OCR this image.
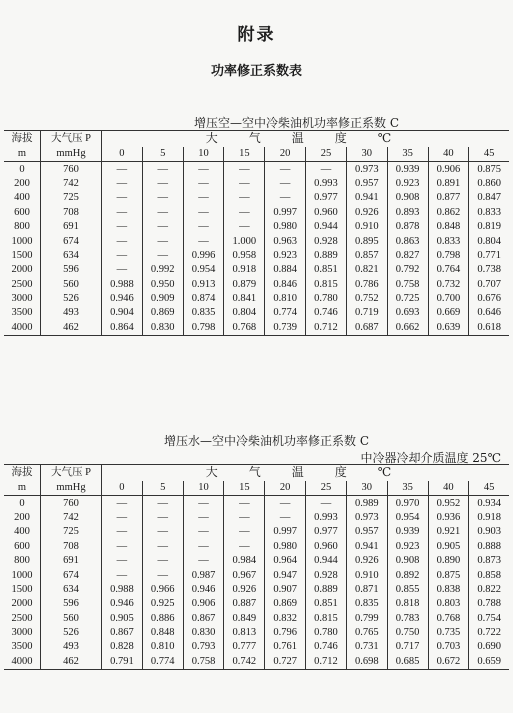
附录
功率修正系数表
增压空—空中冷柴油机功率修正系数 C
海拔	大气压 P	大 气 温 度 ℃									
m	mmHg	0	5	10	15	20	25	30	35	40	45
0	760	—	—	—	—	—	—	0.973	0.939	0.906	0.875
200	742	—	—	—	—	—	0.993	0.957	0.923	0.891	0.860
400	725	—	—	—	—	—	0.977	0.941	0.908	0.877	0.847
600	708	—	—	—	—	0.997	0.960	0.926	0.893	0.862	0.833
800	691	—	—	—	—	0.980	0.944	0.910	0.878	0.848	0.819
1000	674	—	—	—	1.000	0.963	0.928	0.895	0.863	0.833	0.804
1500	634	—	—	0.996	0.958	0.923	0.889	0.857	0.827	0.798	0.771
2000	596	—	0.992	0.954	0.918	0.884	0.851	0.821	0.792	0.764	0.738
2500	560	0.988	0.950	0.913	0.879	0.846	0.815	0.786	0.758	0.732	0.707
3000	526	0.946	0.909	0.874	0.841	0.810	0.780	0.752	0.725	0.700	0.676
3500	493	0.904	0.869	0.835	0.804	0.774	0.746	0.719	0.693	0.669	0.646
4000	462	0.864	0.830	0.798	0.768	0.739	0.712	0.687	0.662	0.639	0.618
增压水—空中冷柴油机功率修正系数 C
中冷器冷却介质温度 25℃
海拔	大气压 P	大 气 温 度 ℃									
m	mmHg	0	5	10	15	20	25	30	35	40	45
0	760	—	—	—	—	—	—	0.989	0.970	0.952	0.934
200	742	—	—	—	—	—	0.993	0.973	0.954	0.936	0.918
400	725	—	—	—	—	0.997	0.977	0.957	0.939	0.921	0.903
600	708	—	—	—	—	0.980	0.960	0.941	0.923	0.905	0.888
800	691	—	—	—	0.984	0.964	0.944	0.926	0.908	0.890	0.873
1000	674	—	—	0.987	0.967	0.947	0.928	0.910	0.892	0.875	0.858
1500	634	0.988	0.966	0.946	0.926	0.907	0.889	0.871	0.855	0.838	0.822
2000	596	0.946	0.925	0.906	0.887	0.869	0.851	0.835	0.818	0.803	0.788
2500	560	0.905	0.886	0.867	0.849	0.832	0.815	0.799	0.783	0.768	0.754
3000	526	0.867	0.848	0.830	0.813	0.796	0.780	0.765	0.750	0.735	0.722
3500	493	0.828	0.810	0.793	0.777	0.761	0.746	0.731	0.717	0.703	0.690
4000	462	0.791	0.774	0.758	0.742	0.727	0.712	0.698	0.685	0.672	0.659
